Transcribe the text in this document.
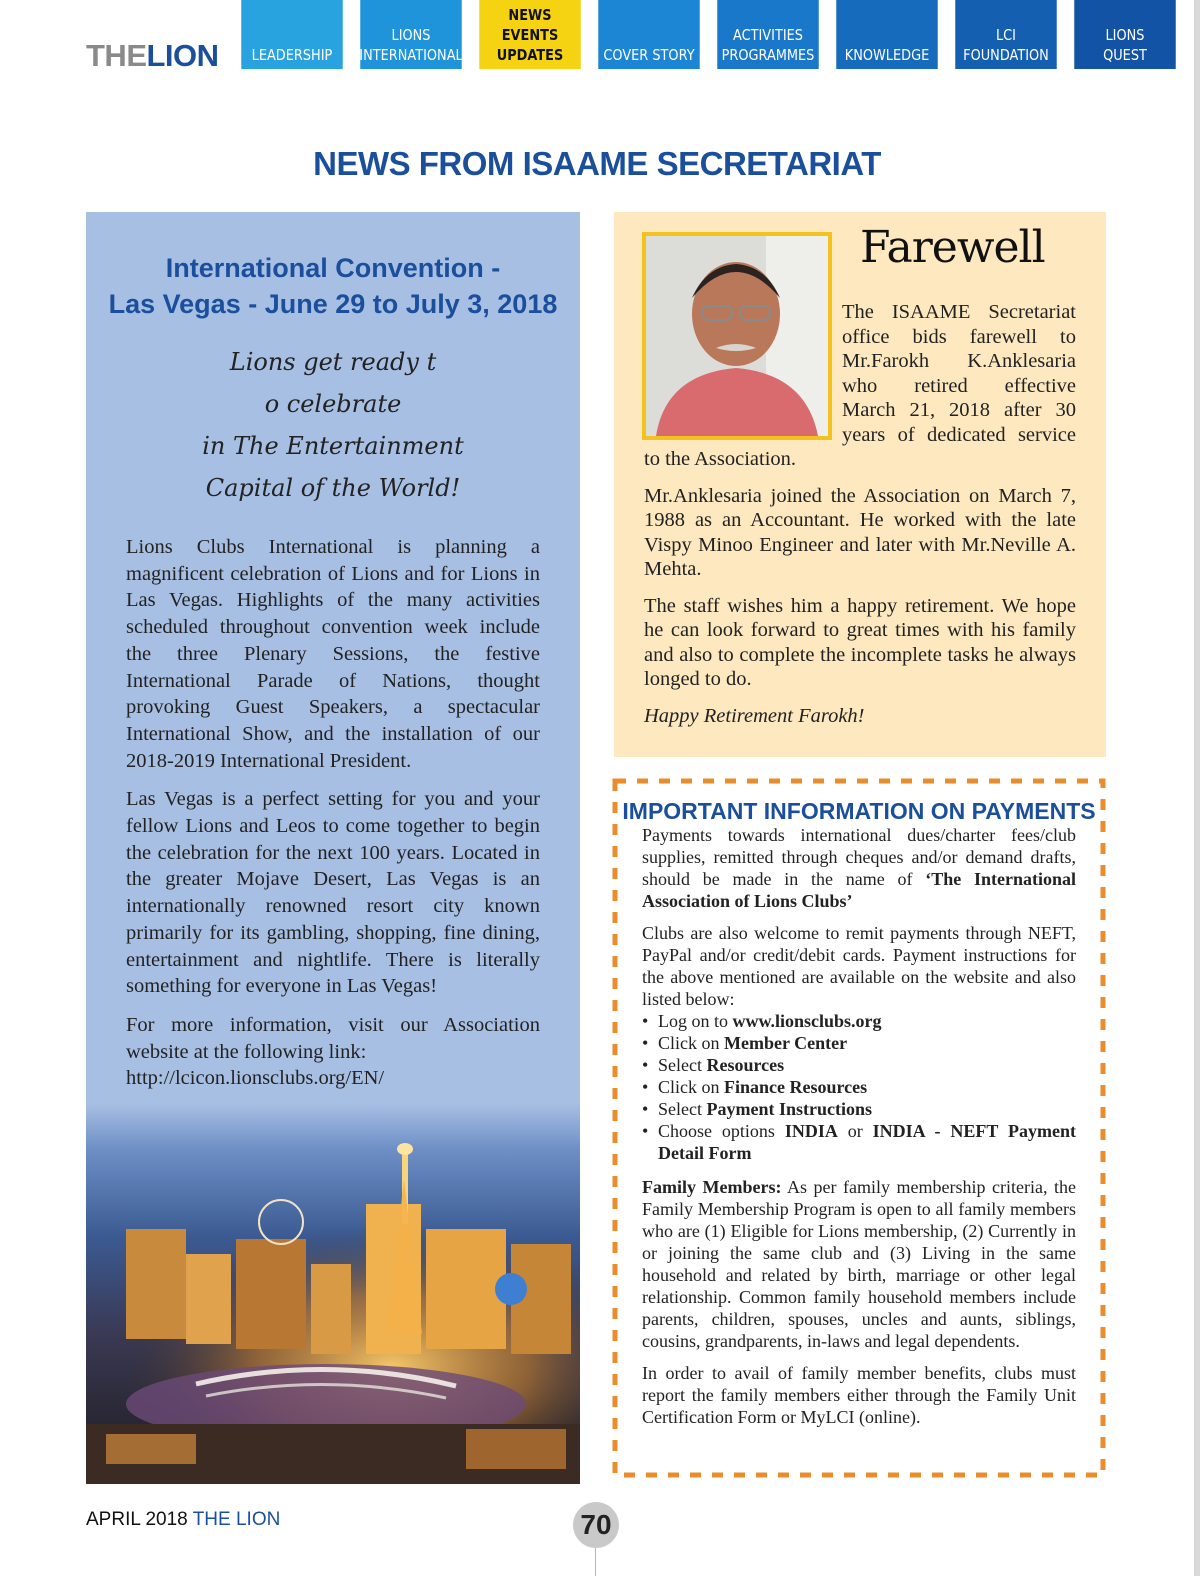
THELION	LEADERSHIP
LIONS
INTERNATIONAL
NEWS
EVENTS
UPDATES	COVER STORY
ACTIVITIES
PROGRAMMES	KNOWLEDGE
LCI
FOUNDATION
LIONS
QUEST
NEWS FROM ISAAME SECRETARIAT
International Convention -
Las Vegas - June 29 to July 3, 2018
Lions get ready t
o celebrate
in The Entertainment
Capital of the World!

Lions Clubs International is planning a magnificent celebration of Lions and for Lions in Las Vegas. Highlights of the many activities scheduled throughout convention week include the three Plenary Sessions, the festive International Parade of Nations, thought provoking Guest Speakers, a spectacular International Show, and the installation of our 2018-2019 International President.

Las Vegas is a perfect setting for you and your fellow Lions and Leos to come together to begin the celebration for the next 100 years. Located in the greater Mojave Desert, Las Vegas is an internationally renowned resort city known primarily for its gambling, shopping, fine dining, entertainment and nightlife. There is literally something for everyone in Las Vegas!

For more information, visit our Association website at the following link:

http://lcicon.lionsclubs.org/EN/
Farewell
The ISAAME Secretariat
office bids farewell to
Mr.Farokh K.Anklesaria
who retired effective
March 21, 2018 after 30
years of dedicated service
to the Association.
Mr.Anklesaria joined the Association on March 7, 1988 as an Accountant. He worked with the late Vispy Minoo Engineer and later with Mr.Neville A. Mehta.
The staff wishes him a happy retirement. We hope he can look forward to great times with his family and also to complete the incomplete tasks he always longed to do.
Happy Retirement Farokh!
IMPORTANT INFORMATION ON PAYMENTS

Payments towards international dues/charter fees/club supplies, remitted through cheques and/or demand drafts, should be made in the name of ‘The International Association of Lions Clubs’

Clubs are also welcome to remit payments through NEFT, PayPal and/or credit/debit cards. Payment instructions for the above mentioned are available on the website and also listed below:

• Log on to www.lionsclubs.org
• Click on Member Center
• Select Resources
• Click on Finance Resources
• Select Payment Instructions
• Choose options INDIA or INDIA - NEFT Payment Detail Form

Family Members: As per family membership criteria, the Family Membership Program is open to all family members who are (1) Eligible for Lions membership, (2) Currently in or joining the same club and (3) Living in the same household and related by birth, marriage or other legal relationship. Common family household members include parents, children, spouses, uncles and aunts, siblings, cousins, grandparents, in-laws and legal dependents.

In order to avail of family member benefits, clubs must report the family members either through the Family Unit Certification Form or MyLCI (online).

APRIL 2018 THE LION	70
